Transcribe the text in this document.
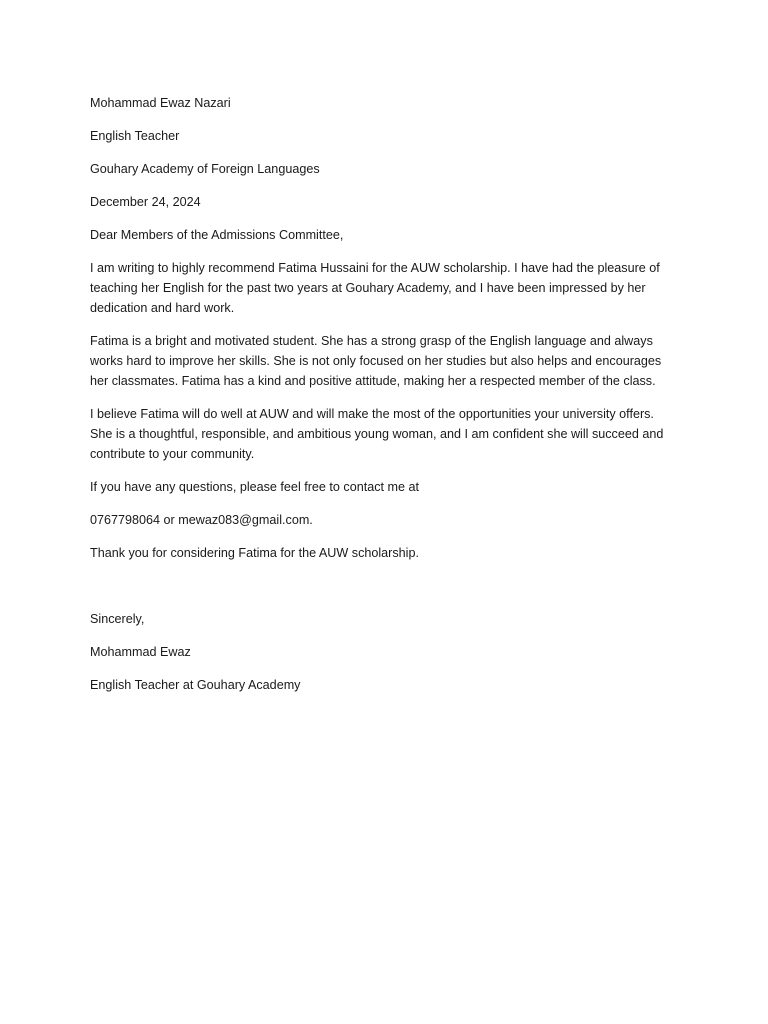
Mohammad Ewaz Nazari
English Teacher
Gouhary Academy of Foreign Languages
December 24, 2024
Dear Members of the Admissions Committee,
I am writing to highly recommend Fatima Hussaini for the AUW scholarship. I have had the pleasure of teaching her English for the past two years at Gouhary Academy, and I have been impressed by her dedication and hard work.
Fatima is a bright and motivated student. She has a strong grasp of the English language and always works hard to improve her skills. She is not only focused on her studies but also helps and encourages her classmates. Fatima has a kind and positive attitude, making her a respected member of the class.
I believe Fatima will do well at AUW and will make the most of the opportunities your university offers. She is a thoughtful, responsible, and ambitious young woman, and I am confident she will succeed and contribute to your community.
If you have any questions, please feel free to contact me at
0767798064 or mewaz083@gmail.com.
Thank you for considering Fatima for the AUW scholarship.
Sincerely,
Mohammad Ewaz
English Teacher at Gouhary Academy
